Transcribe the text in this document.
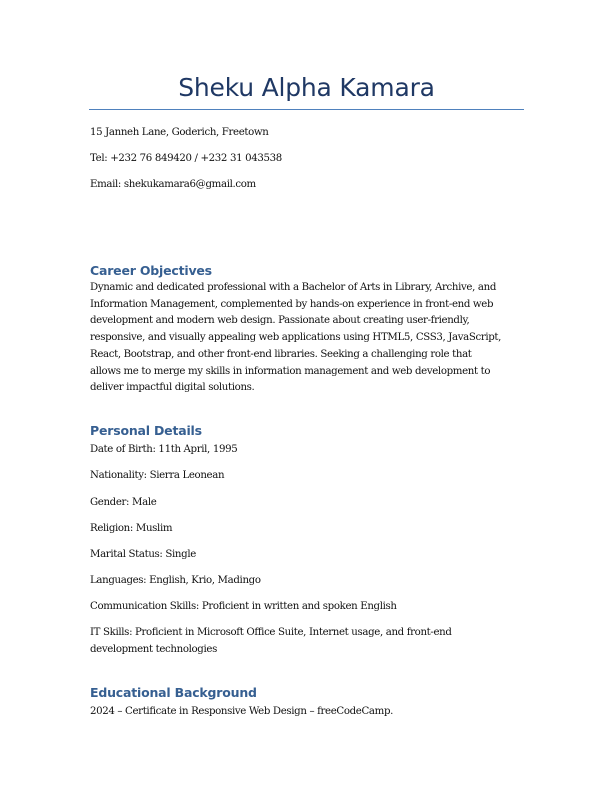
Sheku Alpha Kamara
15 Janneh Lane, Goderich, Freetown
Tel: +232 76 849420 / +232 31 043538
Email: shekukamara6@gmail.com
Career Objectives
Dynamic and dedicated professional with a Bachelor of Arts in Library, Archive, and
Information Management, complemented by hands-on experience in front-end web
development and modern web design. Passionate about creating user-friendly,
responsive, and visually appealing web applications using HTML5, CSS3, JavaScript,
React, Bootstrap, and other front-end libraries. Seeking a challenging role that
allows me to merge my skills in information management and web development to
deliver impactful digital solutions.
Personal Details
Date of Birth: 11th April, 1995
Nationality: Sierra Leonean
Gender: Male
Religion: Muslim
Marital Status: Single
Languages: English, Krio, Madingo
Communication Skills: Proficient in written and spoken English
IT Skills: Proficient in Microsoft Office Suite, Internet usage, and front-end
development technologies
Educational Background
2024 – Certificate in Responsive Web Design – freeCodeCamp.
